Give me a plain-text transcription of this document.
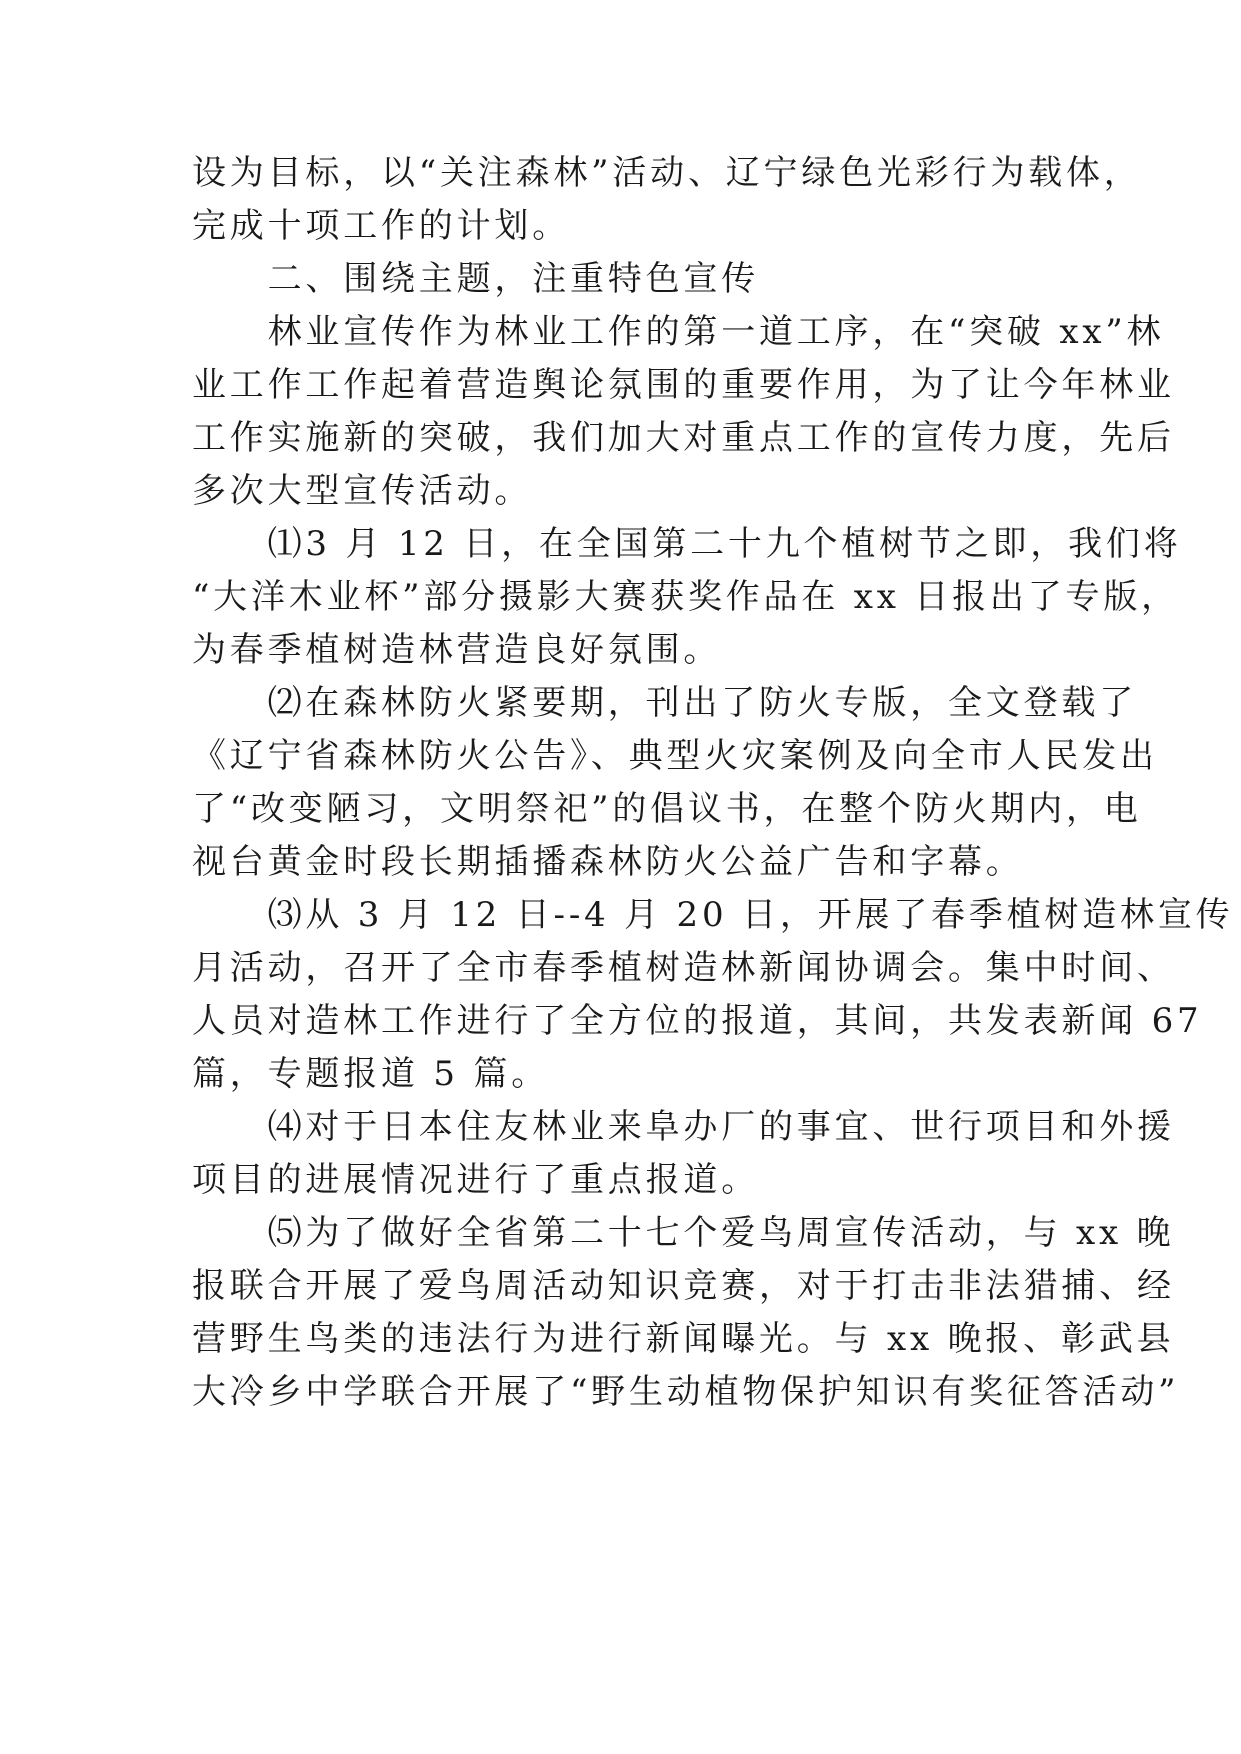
设为目标，以“关注森林”活动、辽宁绿色光彩行为载体，
完成十项工作的计划。
　　二、围绕主题，注重特色宣传
　　林业宣传作为林业工作的第一道工序，在“突破 xx”林
业工作工作起着营造舆论氛围的重要作用，为了让今年林业
工作实施新的突破，我们加大对重点工作的宣传力度，先后
多次大型宣传活动。
　　⑴3 月 12 日，在全国第二十九个植树节之即，我们将
“大洋木业杯”部分摄影大赛获奖作品在 xx 日报出了专版，
为春季植树造林营造良好氛围。
　　⑵在森林防火紧要期，刊出了防火专版，全文登载了
《辽宁省森林防火公告》、典型火灾案例及向全市人民发出
了“改变陋习，文明祭祀”的倡议书，在整个防火期内，电
视台黄金时段长期插播森林防火公益广告和字幕。
　　⑶从 3 月 12 日--4 月 20 日，开展了春季植树造林宣传
月活动，召开了全市春季植树造林新闻协调会。集中时间、
人员对造林工作进行了全方位的报道，其间，共发表新闻 67
篇，专题报道 5 篇。
　　⑷对于日本住友林业来阜办厂的事宜、世行项目和外援
项目的进展情况进行了重点报道。
　　⑸为了做好全省第二十七个爱鸟周宣传活动，与 xx 晚
报联合开展了爱鸟周活动知识竞赛，对于打击非法猎捕、经
营野生鸟类的违法行为进行新闻曝光。与 xx 晚报、彰武县
大冷乡中学联合开展了“野生动植物保护知识有奖征答活动”
